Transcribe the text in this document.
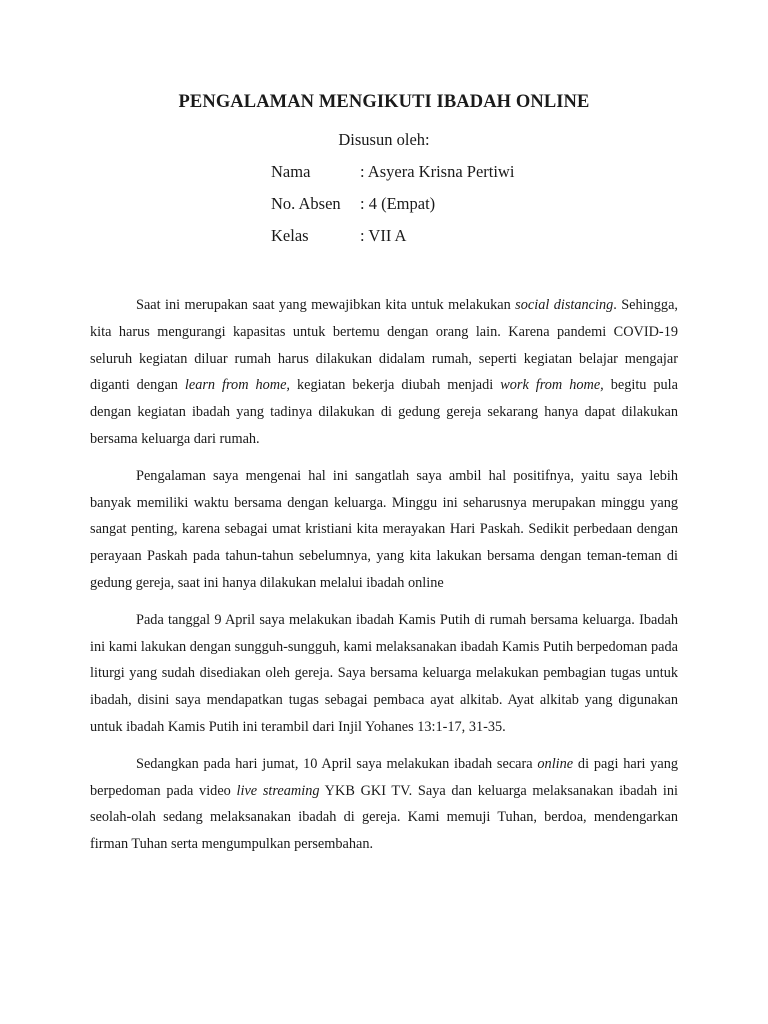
PENGALAMAN MENGIKUTI IBADAH ONLINE
Disusun oleh:
Nama	: Asyera Krisna Pertiwi
No. Absen : 4 (Empat)
Kelas	: VII A

Saat ini merupakan saat yang mewajibkan kita untuk melakukan social distancing. Sehingga, kita harus mengurangi kapasitas untuk bertemu dengan orang lain. Karena pandemi COVID-19 seluruh kegiatan diluar rumah harus dilakukan didalam rumah, seperti kegiatan belajar mengajar diganti dengan learn from home, kegiatan bekerja diubah menjadi work from home, begitu pula dengan kegiatan ibadah yang tadinya dilakukan di gedung gereja sekarang hanya dapat dilakukan bersama keluarga dari rumah.

Pengalaman saya mengenai hal ini sangatlah saya ambil hal positifnya, yaitu saya lebih banyak memiliki waktu bersama dengan keluarga. Minggu ini seharusnya merupakan minggu yang sangat penting, karena sebagai umat kristiani kita merayakan Hari Paskah. Sedikit perbedaan dengan perayaan Paskah pada tahun-tahun sebelumnya, yang kita lakukan bersama dengan teman-teman di gedung gereja, saat ini hanya dilakukan melalui ibadah online

Pada tanggal 9 April saya melakukan ibadah Kamis Putih di rumah bersama keluarga. Ibadah ini kami lakukan dengan sungguh-sungguh, kami melaksanakan ibadah Kamis Putih berpedoman pada liturgi yang sudah disediakan oleh gereja. Saya bersama keluarga melakukan pembagian tugas untuk ibadah, disini saya mendapatkan tugas sebagai pembaca ayat alkitab. Ayat alkitab yang digunakan untuk ibadah Kamis Putih ini terambil dari Injil Yohanes 13:1-17, 31-35.

Sedangkan pada hari jumat, 10 April saya melakukan ibadah secara online di pagi hari yang berpedoman pada video live streaming YKB GKI TV. Saya dan keluarga melaksanakan ibadah ini seolah-olah sedang melaksanakan ibadah di gereja. Kami memuji Tuhan, berdoa, mendengarkan firman Tuhan serta mengumpulkan persembahan.
